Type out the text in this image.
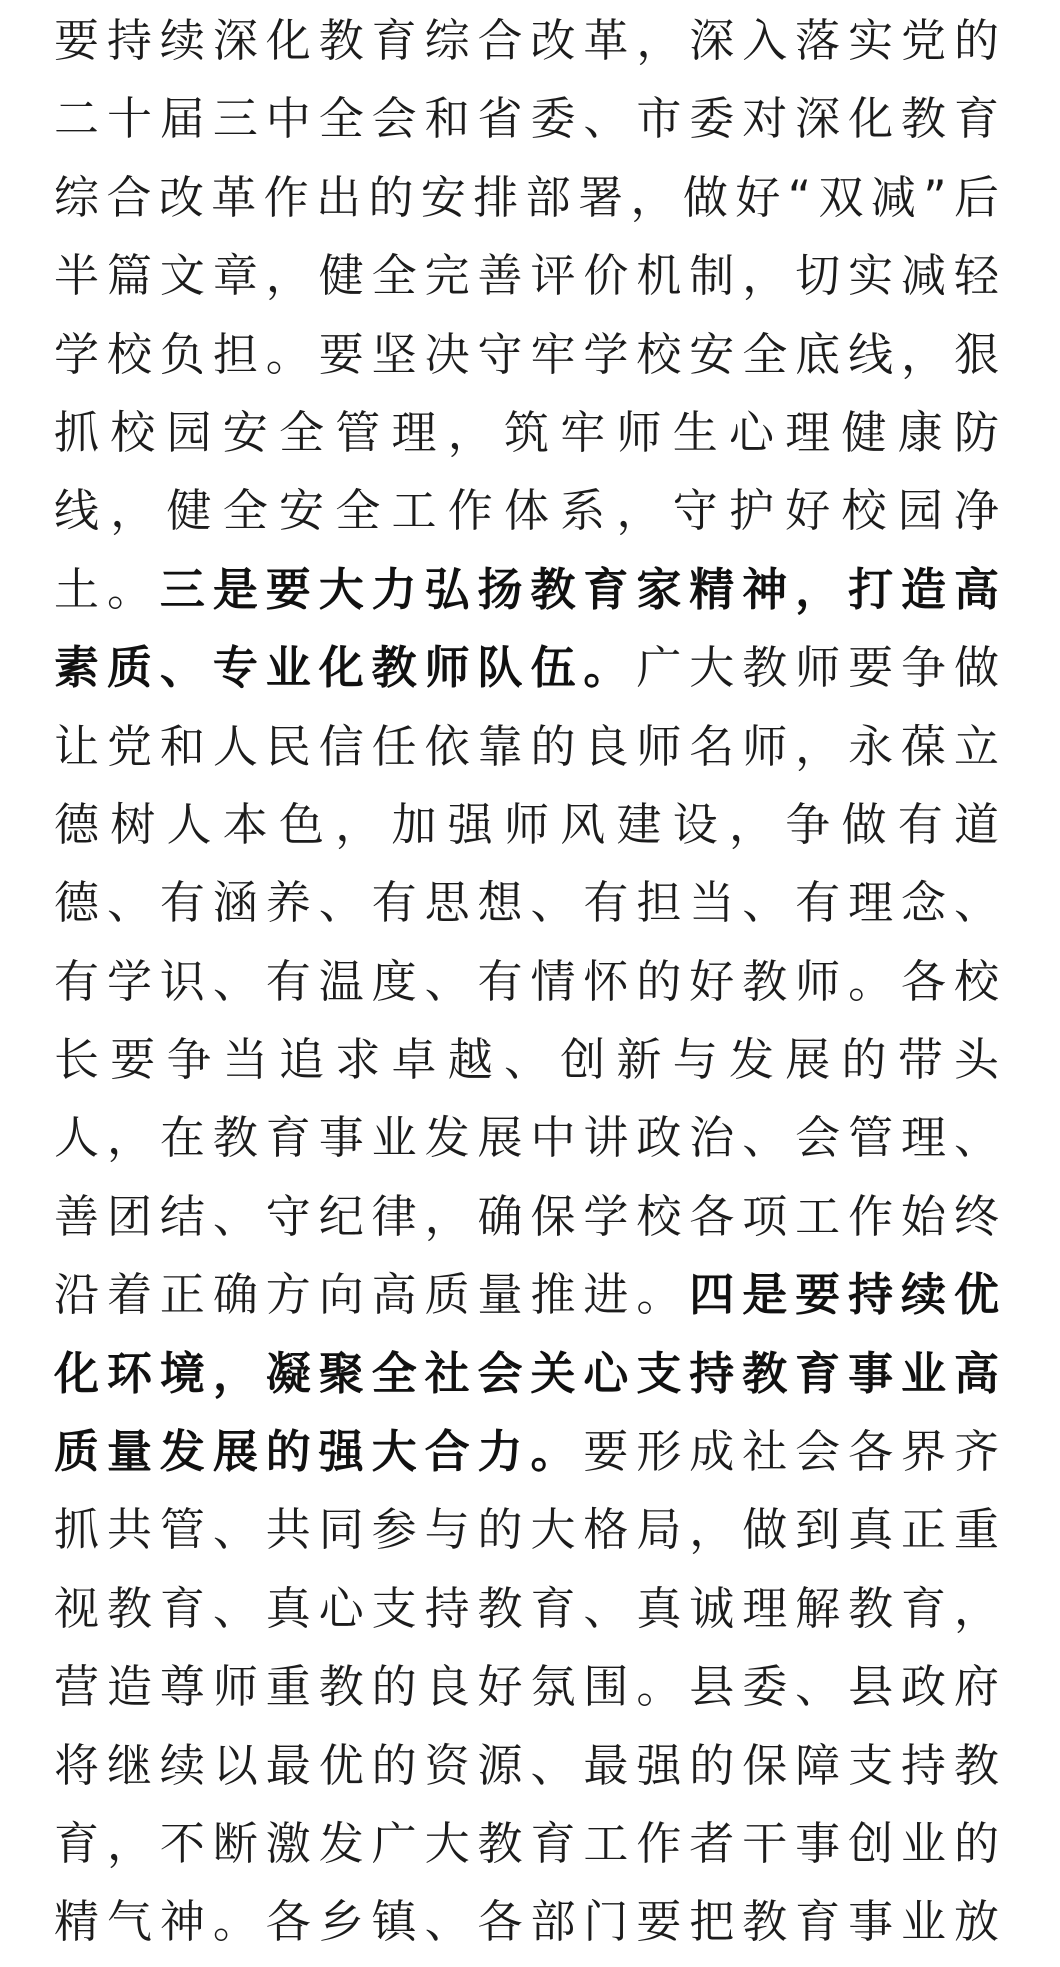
要持续深化教育综合改革，深入落实党的
二十届三中全会和省委、市委对深化教育
综合改革作出的安排部署，做好“双减”后
半篇文章，健全完善评价机制，切实减轻
学校负担。要坚决守牢学校安全底线，狠
抓校园安全管理，筑牢师生心理健康防
线，健全安全工作体系，守护好校园净
土。三是要大力弘扬教育家精神，打造高
素质、专业化教师队伍。广大教师要争做
让党和人民信任依靠的良师名师，永葆立
德树人本色，加强师风建设，争做有道
德、有涵养、有思想、有担当、有理念、
有学识、有温度、有情怀的好教师。各校
长要争当追求卓越、创新与发展的带头
人，在教育事业发展中讲政治、会管理、
善团结、守纪律，确保学校各项工作始终
沿着正确方向高质量推进。四是要持续优
化环境，凝聚全社会关心支持教育事业高
质量发展的强大合力。要形成社会各界齐
抓共管、共同参与的大格局，做到真正重
视教育、真心支持教育、真诚理解教育，
营造尊师重教的良好氛围。县委、县政府
将继续以最优的资源、最强的保障支持教
育，不断激发广大教育工作者干事创业的
精气神。各乡镇、各部门要把教育事业放
